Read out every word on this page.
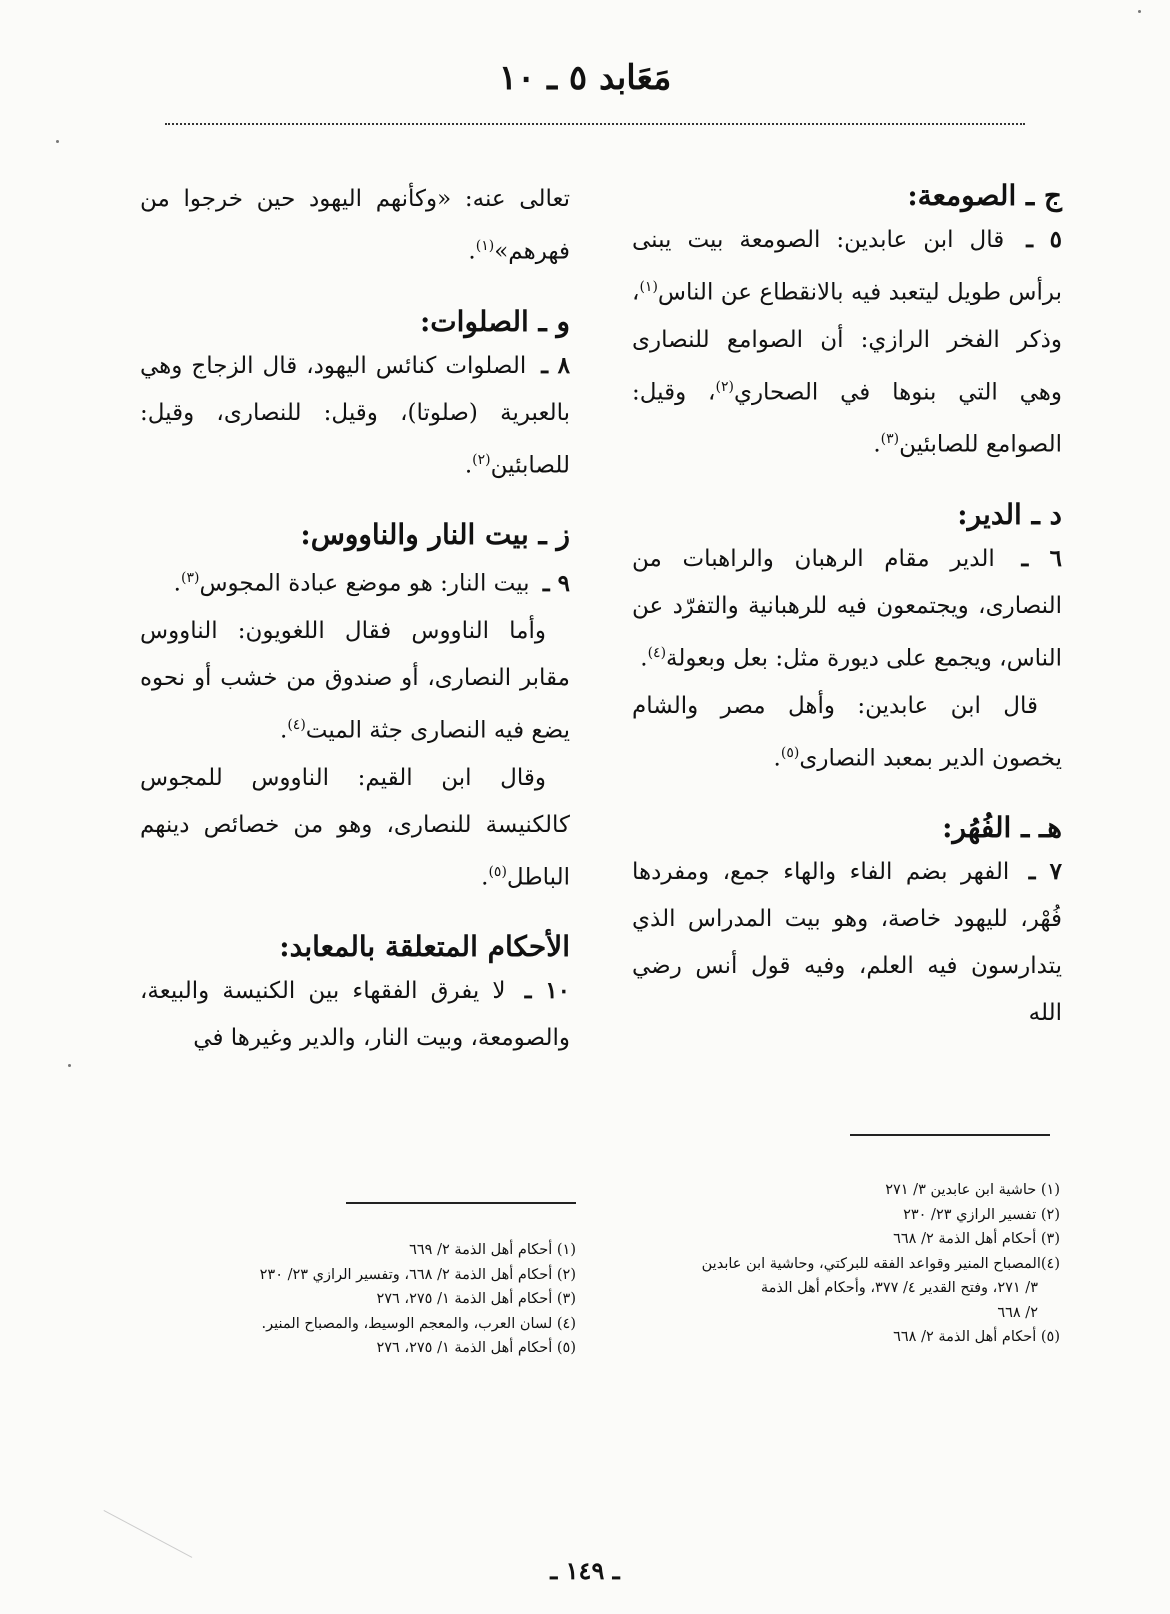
مَعَابد ٥ ـ ١٠

ج ـ الصومعة:

٥ ـ قال ابن عابدين: الصومعة بيت يبنى برأس طويل ليتعبد فيه بالانقطاع عن الناس$^{(١)}$، وذكر الفخر الرازي: أن الصوامع للنصارى وهي التي بنوها في الصحاري$^{(٢)}$، وقيل: الصوامع للصابئين$^{(٣)}$.

د ـ الدير:

٦ ـ الدير مقام الرهبان والراهبات من النصارى، ويجتمعون فيه للرهبانية والتفرّد عن الناس، ويجمع على ديورة مثل: بعل وبعولة$^{(٤)}$.

قال ابن عابدين: وأهل مصر والشام يخصون الدير بمعبد النصارى$^{(٥)}$.

هـ ـ الفُهُر:

٧ ـ الفهر بضم الفاء والهاء جمع، ومفردها فُهْر، لليهود خاصة، وهو بيت المدراس الذي يتدارسون فيه العلم، وفيه قول أنس رضي الله

تعالى عنه: «وكأنهم اليهود حين خرجوا من فهرهم»$^{(١)}$.

و ـ الصلوات:

٨ ـ الصلوات كنائس اليهود، قال الزجاج وهي بالعبرية (صلوتا)، وقيل: للنصارى، وقيل: للصابئين$^{(٢)}$.

ز ـ بيت النار والناووس:

٩ ـ بيت النار: هو موضع عبادة المجوس$^{(٣)}$.

وأما الناووس فقال اللغويون: الناووس مقابر النصارى، أو صندوق من خشب أو نحوه يضع فيه النصارى جثة الميت$^{(٤)}$.

وقال ابن القيم: الناووس للمجوس كالكنيسة للنصارى، وهو من خصائص دينهم الباطل$^{(٥)}$.

الأحكام المتعلقة بالمعابد:

١٠ ـ لا يفرق الفقهاء بين الكنيسة والبيعة، والصومعة، وبيت النار، والدير وغيرها في

(١) حاشية ابن عابدين ٣/ ٢٧١

(٢) تفسير الرازي ٢٣/ ٢٣٠

(٣) أحكام أهل الذمة ٢/ ٦٦٨

(٤)المصباح المنير وقواعد الفقه للبركتي، وحاشية ابن عابدين

٣/ ٢٧١، وفتح القدير ٤/ ٣٧٧، وأحكام أهل الذمة

٢/ ٦٦٨

(٥) أحكام أهل الذمة ٢/ ٦٦٨

(١) أحكام أهل الذمة ٢/ ٦٦٩

(٢) أحكام أهل الذمة ٢/ ٦٦٨، وتفسير الرازي ٢٣/ ٢٣٠

(٣) أحكام أهل الذمة ١/ ٢٧٥، ٢٧٦

(٤) لسان العرب، والمعجم الوسيط، والمصباح المنير.

(٥) أحكام أهل الذمة ١/ ٢٧٥، ٢٧٦

ـ ١٤٩ ـ
